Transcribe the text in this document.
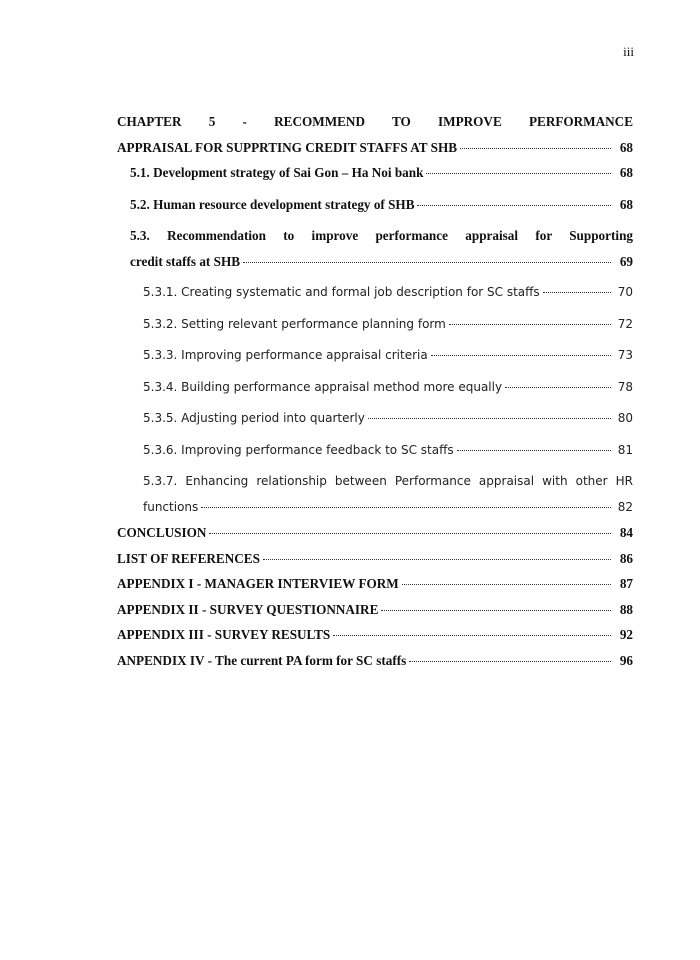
iii
CHAPTER 5 - RECOMMEND TO IMPROVE PERFORMANCE
APPRAISAL FOR SUPPRTING CREDIT STAFFS AT SHB	68
5.1. Development strategy of Sai Gon – Ha Noi bank	68
5.2. Human resource development strategy of SHB	68
5.3. Recommendation to improve performance appraisal for Supporting
credit staffs at SHB	69
5.3.1. Creating systematic and formal job description for SC staffs	70
5.3.2. Setting relevant performance planning form	72
5.3.3. Improving performance appraisal criteria	73
5.3.4. Building performance appraisal method more equally	78
5.3.5. Adjusting period into quarterly	80
5.3.6. Improving performance feedback to SC staffs	81
5.3.7. Enhancing relationship between Performance appraisal with other HR
functions	82
CONCLUSION	84
LIST OF REFERENCES	86
APPENDIX I - MANAGER INTERVIEW FORM	87
APPENDIX II - SURVEY QUESTIONNAIRE	88
APPENDIX III - SURVEY RESULTS	92
ANPENDIX IV - The current PA form for SC staffs	96
